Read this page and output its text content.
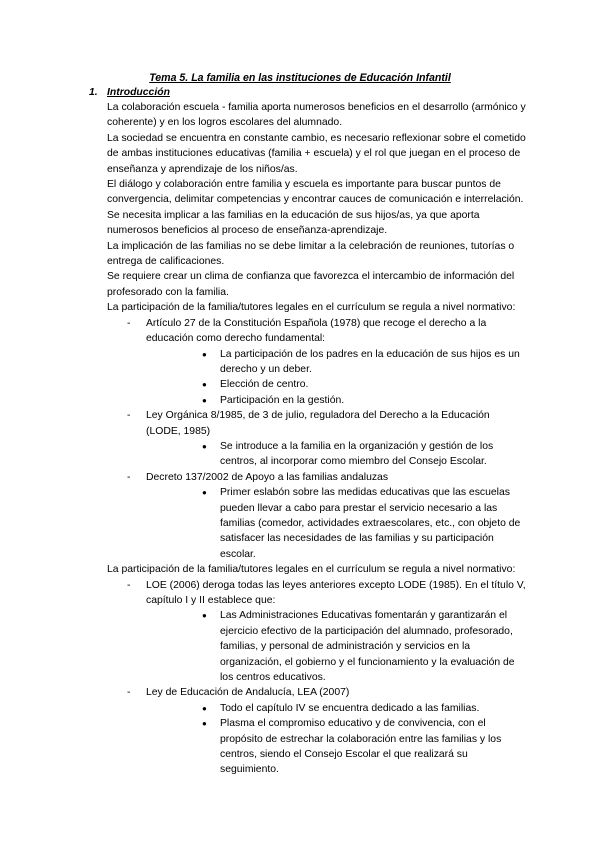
Tema 5. La familia en las instituciones de Educación Infantil
1. Introducción

La colaboración escuela - familia aporta numerosos beneficios en el desarrollo (armónico y coherente) y en los logros escolares del alumnado.

La sociedad se encuentra en constante cambio, es necesario reflexionar sobre el cometido de ambas instituciones educativas (familia + escuela) y el rol que juegan en el proceso de enseñanza y aprendizaje de los niños/as.

El diálogo y colaboración entre familia y escuela es importante para buscar puntos de convergencia, delimitar competencias y encontrar cauces de comunicación e interrelación.

Se necesita implicar a las familias en la educación de sus hijos/as, ya que aporta numerosos beneficios al proceso de enseñanza-aprendizaje.

La implicación de las familias no se debe limitar a la celebración de reuniones, tutorías o entrega de calificaciones.

Se requiere crear un clima de confianza que favorezca el intercambio de información del profesorado con la familia.

La participación de la familia/tutores legales en el currículum se regula a nivel normativo:

- Artículo 27 de la Constitución Española (1978) que recoge el derecho a la educación como derecho fundamental:
● La participación de los padres en la educación de sus hijos es un derecho y un deber.
● Elección de centro.
● Participación en la gestión.
- Ley Orgánica 8/1985, de 3 de julio, reguladora del Derecho a la Educación (LODE, 1985)
● Se introduce a la familia en la organización y gestión de los centros, al incorporar como miembro del Consejo Escolar.
- Decreto 137/2002 de Apoyo a las familias andaluzas
● Primer eslabón sobre las medidas educativas que las escuelas pueden llevar a cabo para prestar el servicio necesario a las familias (comedor, actividades extraescolares, etc., con objeto de satisfacer las necesidades de las familias y su participación escolar.

La participación de la familia/tutores legales en el currículum se regula a nivel normativo:

- LOE (2006) deroga todas las leyes anteriores excepto LODE (1985). En el título V, capítulo I y II establece que:
● Las Administraciones Educativas fomentarán y garantizarán el ejercicio efectivo de la participación del alumnado, profesorado, familias, y personal de administración y servicios en la organización, el gobierno y el funcionamiento y la evaluación de los centros educativos.
- Ley de Educación de Andalucía, LEA (2007)
● Todo el capítulo IV se encuentra dedicado a las familias.
● Plasma el compromiso educativo y de convivencia, con el propósito de estrechar la colaboración entre las familias y los centros, siendo el Consejo Escolar el que realizará su seguimiento.
